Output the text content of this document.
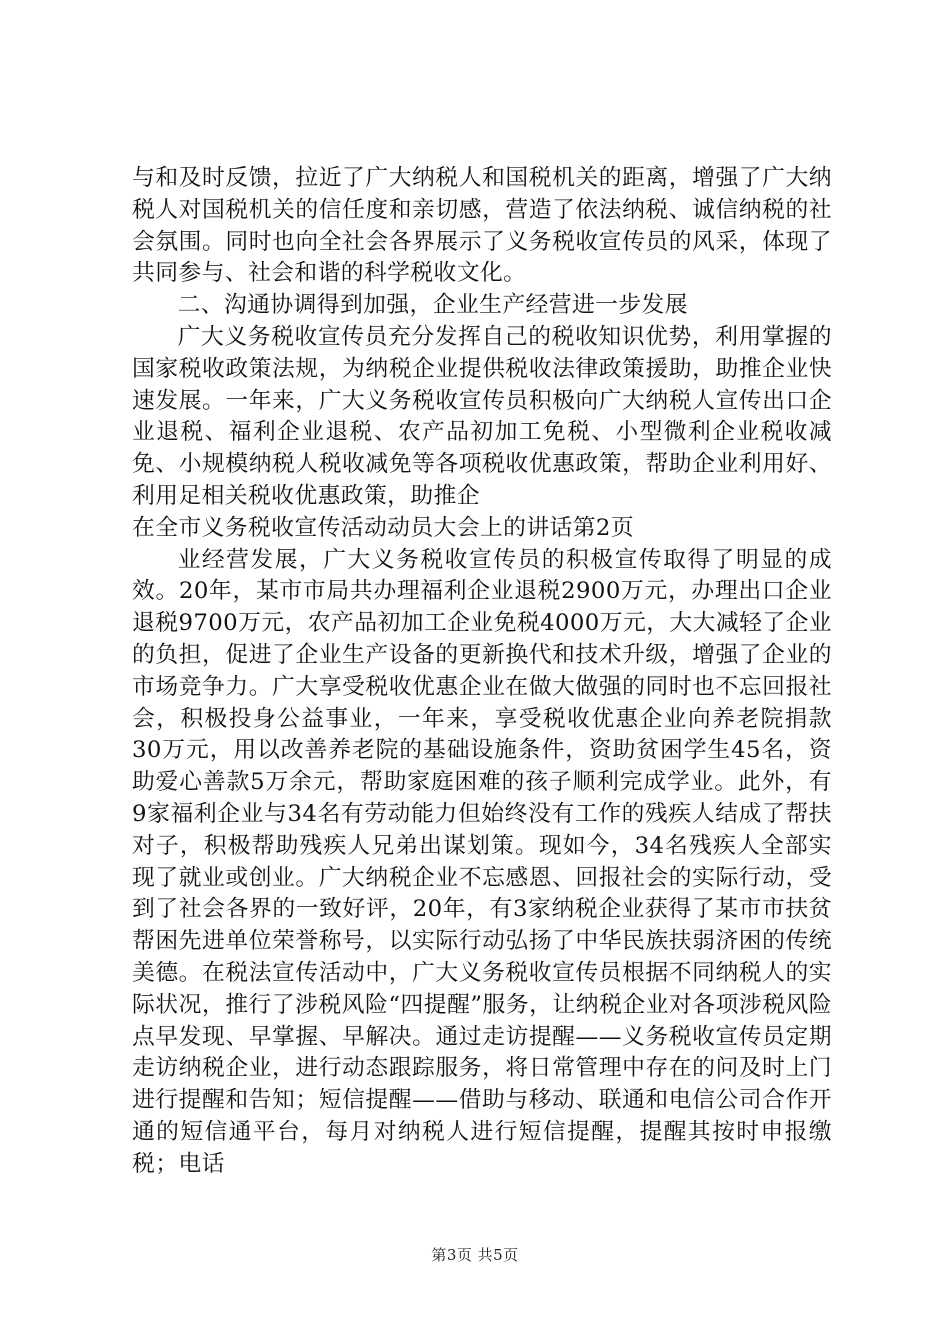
与和及时反馈，拉近了广大纳税人和国税机关的距离，增强了广大纳税人对国税机关的信任度和亲切感，营造了依法纳税、诚信纳税的社会氛围。同时也向全社会各界展示了义务税收宣传员的风采，体现了共同参与、社会和谐的科学税收文化。

二、沟通协调得到加强，企业生产经营进一步发展

广大义务税收宣传员充分发挥自己的税收知识优势，利用掌握的国家税收政策法规，为纳税企业提供税收法律政策援助，助推企业快速发展。一年来，广大义务税收宣传员积极向广大纳税人宣传出口企业退税、福利企业退税、农产品初加工免税、小型微利企业税收减免、小规模纳税人税收减免等各项税收优惠政策，帮助企业利用好、利用足相关税收优惠政策，助推企

在全市义务税收宣传活动动员大会上的讲话第2页

业经营发展，广大义务税收宣传员的积极宣传取得了明显的成效。20年，某市市局共办理福利企业退税2900万元，办理出口企业退税9700万元，农产品初加工企业免税4000万元，大大减轻了企业的负担，促进了企业生产设备的更新换代和技术升级，增强了企业的市场竞争力。广大享受税收优惠企业在做大做强的同时也不忘回报社会，积极投身公益事业，一年来，享受税收优惠企业向养老院捐款30万元，用以改善养老院的基础设施条件，资助贫困学生45名，资助爱心善款5万余元，帮助家庭困难的孩子顺利完成学业。此外，有9家福利企业与34名有劳动能力但始终没有工作的残疾人结成了帮扶对子，积极帮助残疾人兄弟出谋划策。现如今，34名残疾人全部实现了就业或创业。广大纳税企业不忘感恩、回报社会的实际行动，受到了社会各界的一致好评，20年，有3家纳税企业获得了某市市扶贫帮困先进单位荣誉称号，以实际行动弘扬了中华民族扶弱济困的传统美德。在税法宣传活动中，广大义务税收宣传员根据不同纳税人的实际状况，推行了涉税风险“四提醒”服务，让纳税企业对各项涉税风险点早发现、早掌握、早解决。通过走访提醒——义务税收宣传员定期走访纳税企业，进行动态跟踪服务，将日常管理中存在的问及时上门进行提醒和告知；短信提醒——借助与移动、联通和电信公司合作开通的短信通平台，每月对纳税人进行短信提醒，提醒其按时申报缴税；电话

第3页 共5页
